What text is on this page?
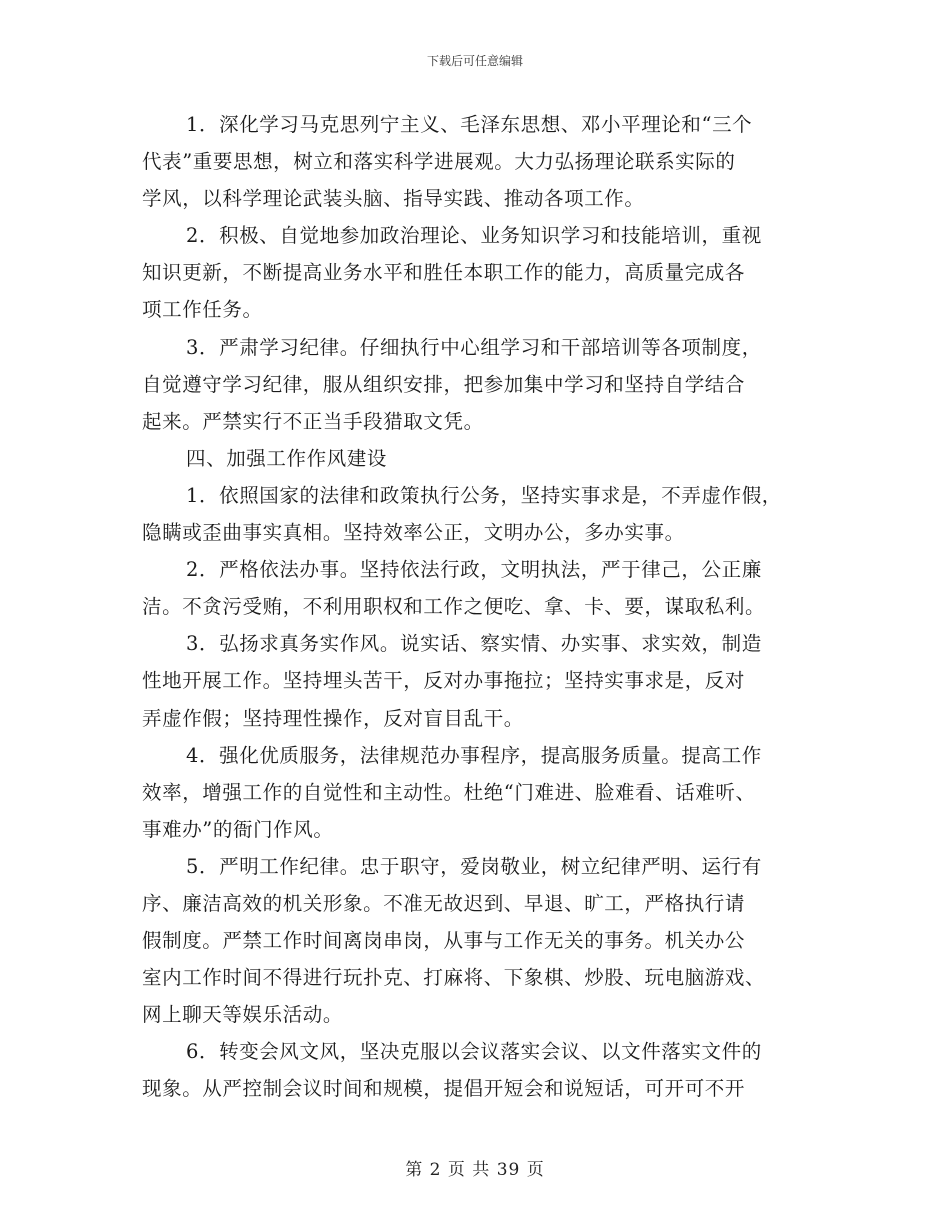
下载后可任意编辑
1．深化学习马克思列宁主义、毛泽东思想、邓小平理论和“三个
代表”重要思想，树立和落实科学进展观。大力弘扬理论联系实际的
学风，以科学理论武装头脑、指导实践、推动各项工作。
2．积极、自觉地参加政治理论、业务知识学习和技能培训，重视
知识更新，不断提高业务水平和胜任本职工作的能力，高质量完成各
项工作任务。
3．严肃学习纪律。仔细执行中心组学习和干部培训等各项制度，
自觉遵守学习纪律，服从组织安排，把参加集中学习和坚持自学结合
起来。严禁实行不正当手段猎取文凭。
四、加强工作作风建设
1．依照国家的法律和政策执行公务，坚持实事求是，不弄虚作假，
隐瞒或歪曲事实真相。坚持效率公正，文明办公，多办实事。
2．严格依法办事。坚持依法行政，文明执法，严于律己，公正廉
洁。不贪污受贿，不利用职权和工作之便吃、拿、卡、要，谋取私利。
3．弘扬求真务实作风。说实话、察实情、办实事、求实效，制造
性地开展工作。坚持埋头苦干，反对办事拖拉；坚持实事求是，反对
弄虚作假；坚持理性操作，反对盲目乱干。
4．强化优质服务，法律规范办事程序，提高服务质量。提高工作
效率，增强工作的自觉性和主动性。杜绝“门难进、脸难看、话难听、
事难办”的衙门作风。
5．严明工作纪律。忠于职守，爱岗敬业，树立纪律严明、运行有
序、廉洁高效的机关形象。不准无故迟到、早退、旷工，严格执行请
假制度。严禁工作时间离岗串岗，从事与工作无关的事务。机关办公
室内工作时间不得进行玩扑克、打麻将、下象棋、炒股、玩电脑游戏、
网上聊天等娱乐活动。
6．转变会风文风，坚决克服以会议落实会议、以文件落实文件的
现象。从严控制会议时间和规模，提倡开短会和说短话，可开可不开
第 2 页 共 39 页
